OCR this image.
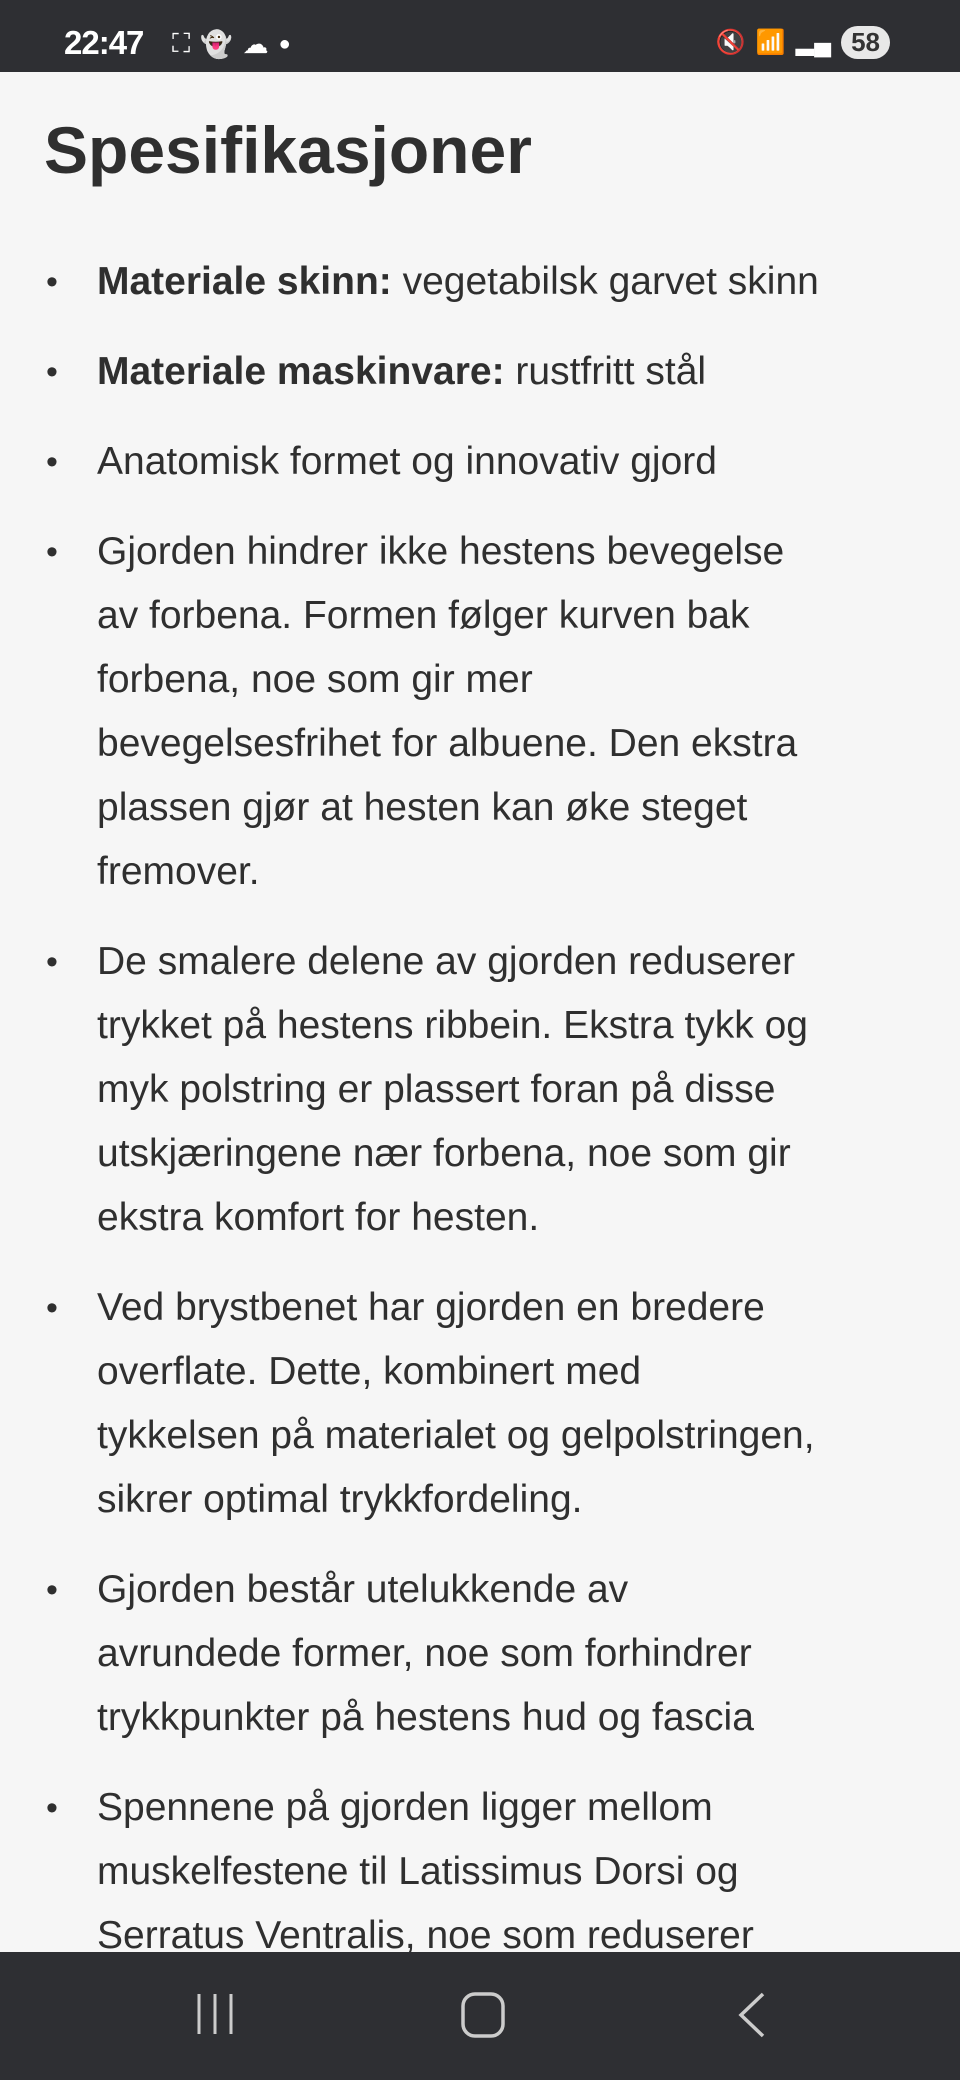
22:47 ⛶ 👻 ☁ ●	🔇 📶 ▂▄ 58
Spesifikasjoner
• Materiale skinn: vegetabilsk garvet skinn
• Materiale maskinvare: rustfritt stål
• Anatomisk formet og innovativ gjord
• Gjorden hindrer ikke hestens bevegelse
av forbena. Formen følger kurven bak
forbena, noe som gir mer
bevegelsesfrihet for albuene. Den ekstra
plassen gjør at hesten kan øke steget
fremover.
• De smalere delene av gjorden reduserer
trykket på hestens ribbein. Ekstra tykk og
myk polstring er plassert foran på disse
utskjæringene nær forbena, noe som gir
ekstra komfort for hesten.
• Ved brystbenet har gjorden en bredere
overflate. Dette, kombinert med
tykkelsen på materialet og gelpolstringen,
sikrer optimal trykkfordeling.
• Gjorden består utelukkende av
avrundede former, noe som forhindrer
trykkpunkter på hestens hud og fascia
• Spennene på gjorden ligger mellom
muskelfestene til Latissimus Dorsi og
Serratus Ventralis, noe som reduserer
